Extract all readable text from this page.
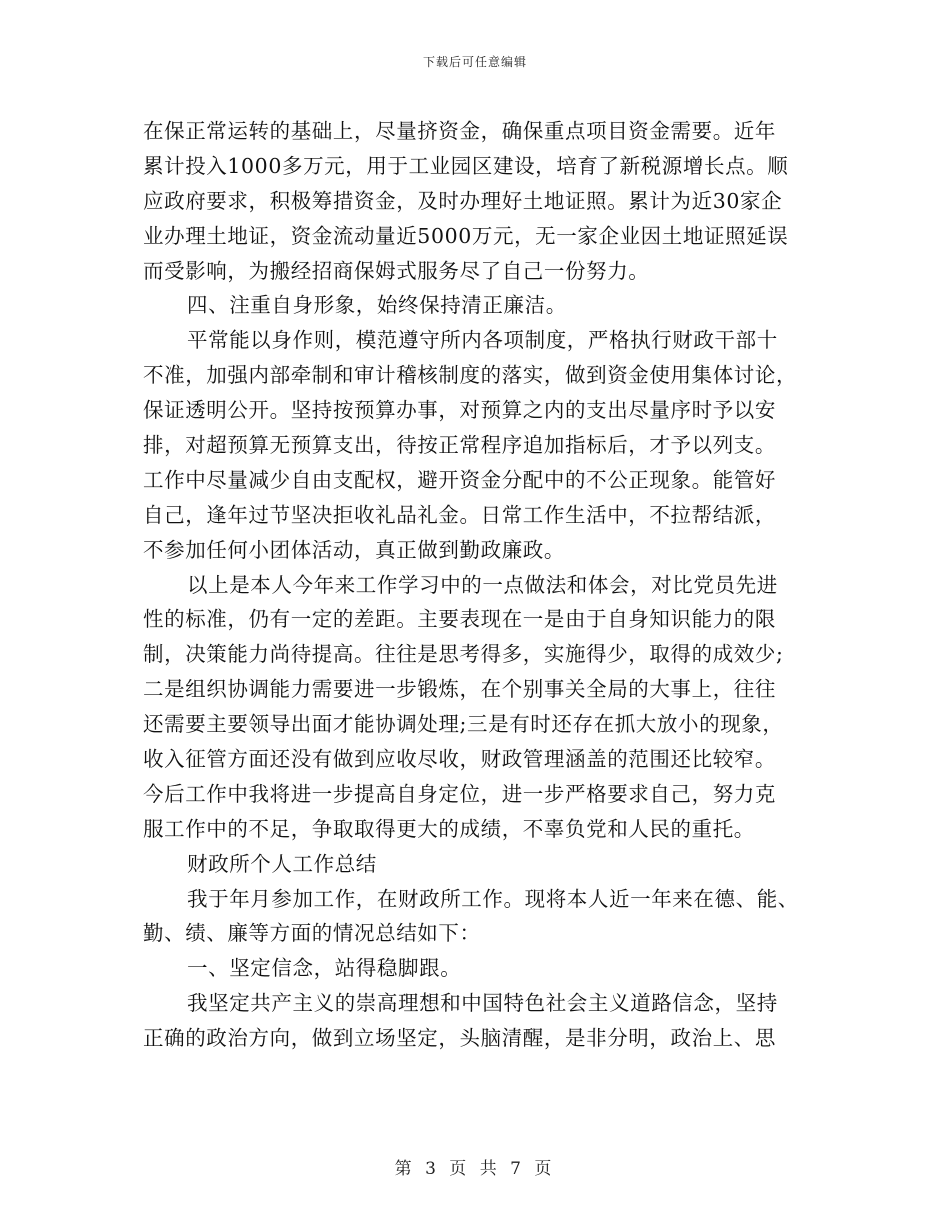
下载后可任意编辑
在保正常运转的基础上，尽量挤资金，确保重点项目资金需要。近年
累计投入1000多万元，用于工业园区建设，培育了新税源增长点。顺
应政府要求，积极筹措资金，及时办理好土地证照。累计为近30家企
业办理土地证，资金流动量近5000万元，无一家企业因土地证照延误
而受影响，为搬经招商保姆式服务尽了自己一份努力。
四、注重自身形象，始终保持清正廉洁。
平常能以身作则，模范遵守所内各项制度，严格执行财政干部十
不准，加强内部牵制和审计稽核制度的落实，做到资金使用集体讨论，
保证透明公开。坚持按预算办事，对预算之内的支出尽量序时予以安
排，对超预算无预算支出，待按正常程序追加指标后，才予以列支。
工作中尽量减少自由支配权，避开资金分配中的不公正现象。能管好
自己，逢年过节坚决拒收礼品礼金。日常工作生活中，不拉帮结派，
不参加任何小团体活动，真正做到勤政廉政。
以上是本人今年来工作学习中的一点做法和体会，对比党员先进
性的标准，仍有一定的差距。主要表现在一是由于自身知识能力的限
制，决策能力尚待提高。往往是思考得多，实施得少，取得的成效少;
二是组织协调能力需要进一步锻炼，在个别事关全局的大事上，往往
还需要主要领导出面才能协调处理;三是有时还存在抓大放小的现象，
收入征管方面还没有做到应收尽收，财政管理涵盖的范围还比较窄。
今后工作中我将进一步提高自身定位，进一步严格要求自己，努力克
服工作中的不足，争取取得更大的成绩，不辜负党和人民的重托。
财政所个人工作总结
我于年月参加工作，在财政所工作。现将本人近一年来在德、能、
勤、绩、廉等方面的情况总结如下：
一、坚定信念，站得稳脚跟。
我坚定共产主义的崇高理想和中国特色社会主义道路信念，坚持
正确的政治方向，做到立场坚定，头脑清醒，是非分明，政治上、思
第 3 页 共 7 页
